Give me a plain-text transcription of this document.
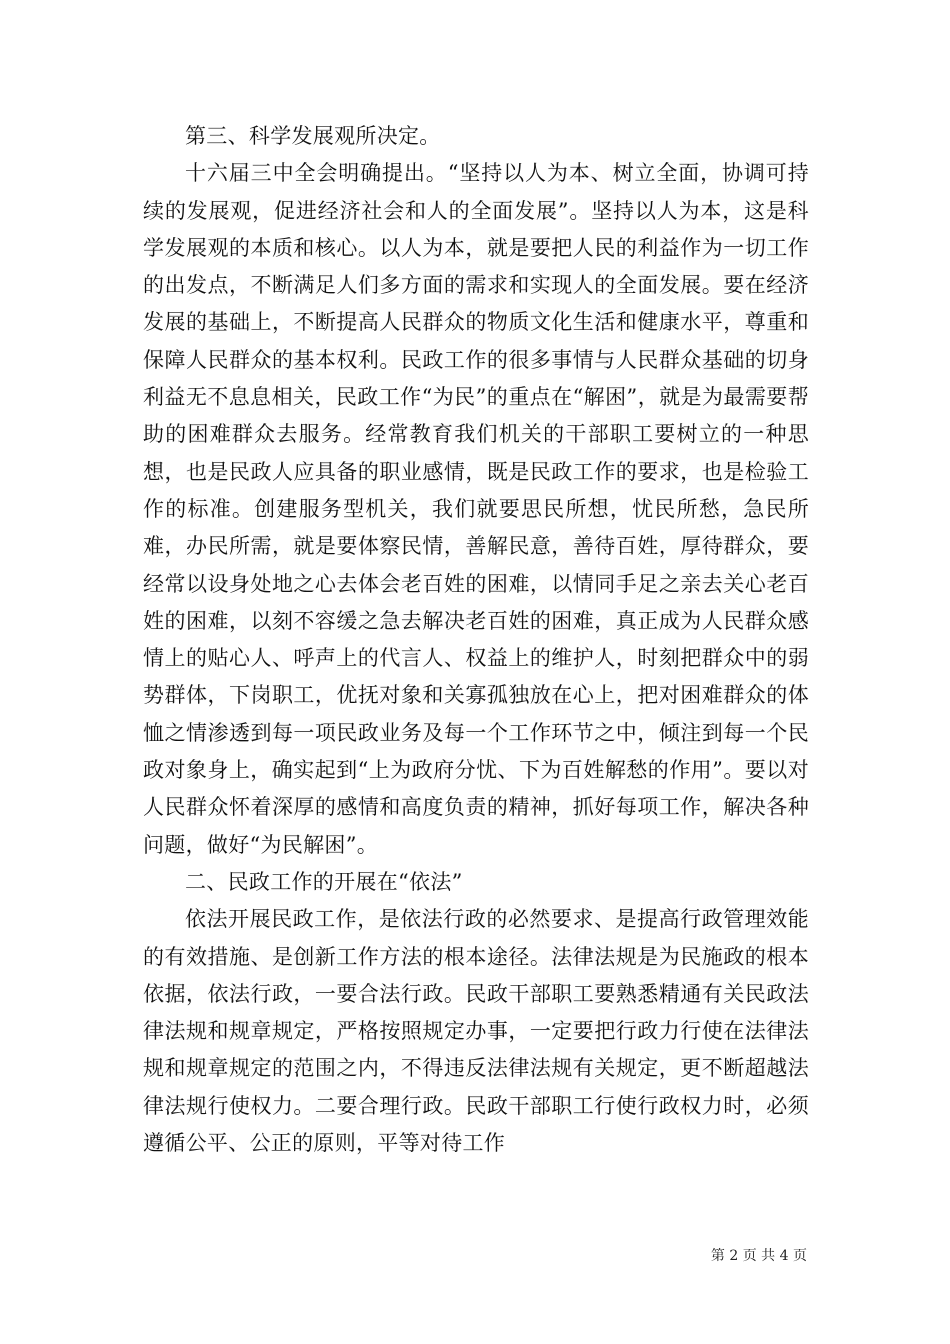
第三、科学发展观所决定。

十六届三中全会明确提出。“坚持以人为本、树立全面，协调可持续的发展观，促进经济社会和人的全面发展”。坚持以人为本，这是科学发展观的本质和核心。以人为本，就是要把人民的利益作为一切工作的出发点，不断满足人们多方面的需求和实现人的全面发展。要在经济发展的基础上，不断提高人民群众的物质文化生活和健康水平，尊重和保障人民群众的基本权利。民政工作的很多事情与人民群众基础的切身利益无不息息相关，民政工作“为民”的重点在“解困”，就是为最需要帮助的困难群众去服务。经常教育我们机关的干部职工要树立的一种思想，也是民政人应具备的职业感情，既是民政工作的要求，也是检验工作的标准。创建服务型机关，我们就要思民所想，忧民所愁，急民所难，办民所需，就是要体察民情，善解民意，善待百姓，厚待群众，要经常以设身处地之心去体会老百姓的困难，以情同手足之亲去关心老百姓的困难，以刻不容缓之急去解决老百姓的困难，真正成为人民群众感情上的贴心人、呼声上的代言人、权益上的维护人，时刻把群众中的弱势群体，下岗职工，优抚对象和关寡孤独放在心上，把对困难群众的体恤之情渗透到每一项民政业务及每一个工作环节之中，倾注到每一个民政对象身上，确实起到“上为政府分忧、下为百姓解愁的作用”。要以对人民群众怀着深厚的感情和高度负责的精神，抓好每项工作，解决各种问题，做好“为民解困”。

二、民政工作的开展在“依法”

依法开展民政工作，是依法行政的必然要求、是提高行政管理效能的有效措施、是创新工作方法的根本途径。法律法规是为民施政的根本依据，依法行政，一要合法行政。民政干部职工要熟悉精通有关民政法律法规和规章规定，严格按照规定办事，一定要把行政力行使在法律法规和规章规定的范围之内，不得违反法律法规有关规定，更不断超越法律法规行使权力。二要合理行政。民政干部职工行使行政权力时，必须遵循公平、公正的原则，平等对待工作

第 2 页 共 4 页
